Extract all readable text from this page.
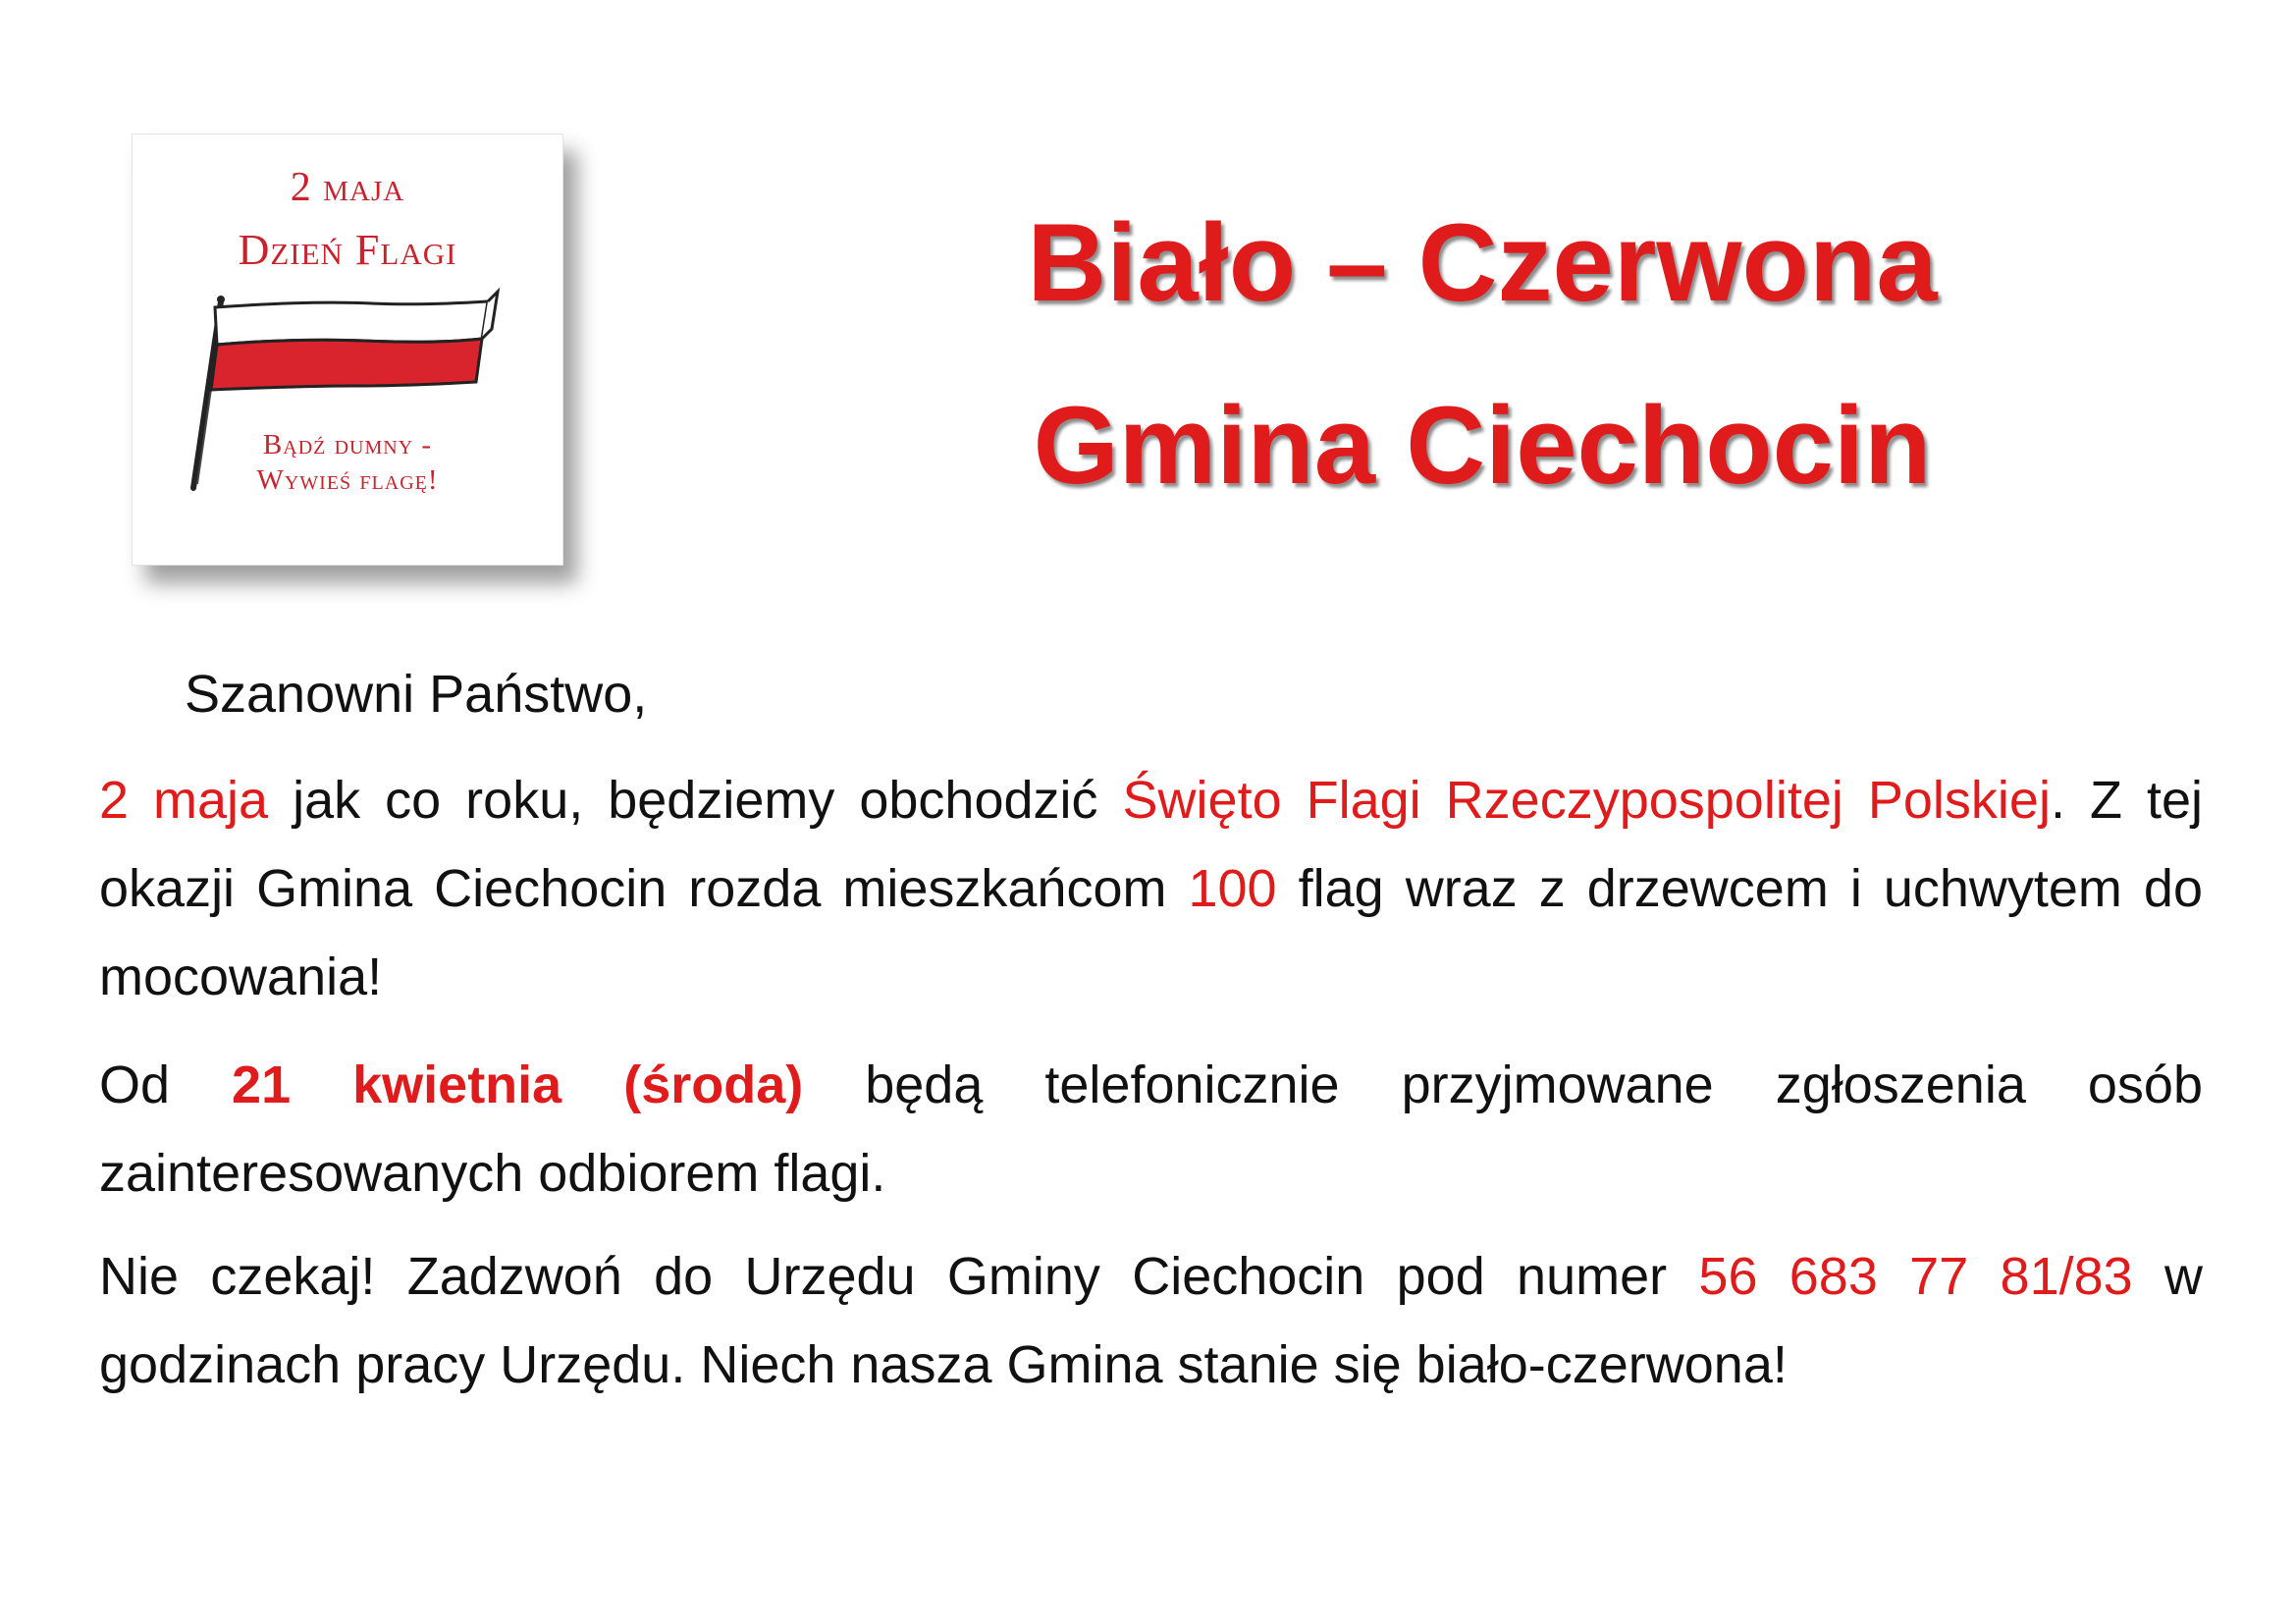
2 maja
Dzień Flagi
Bądź dumny -
Wywieś flagę!
Biało – Czerwona
Gmina Ciechocin
Szanowni Państwo,
2 maja jak co roku, będziemy obchodzić Święto Flagi Rzeczypospolitej Polskiej. Z tej okazji Gmina Ciechocin rozda mieszkańcom 100 flag wraz z drzewcem i uchwytem do mocowania!
Od 21 kwietnia (środa) będą telefonicznie przyjmowane zgłoszenia osób zainteresowanych odbiorem flagi.
Nie czekaj! Zadzwoń do Urzędu Gminy Ciechocin pod numer 56 683 77 81/83 w godzinach pracy Urzędu. Niech nasza Gmina stanie się biało-czerwona!
